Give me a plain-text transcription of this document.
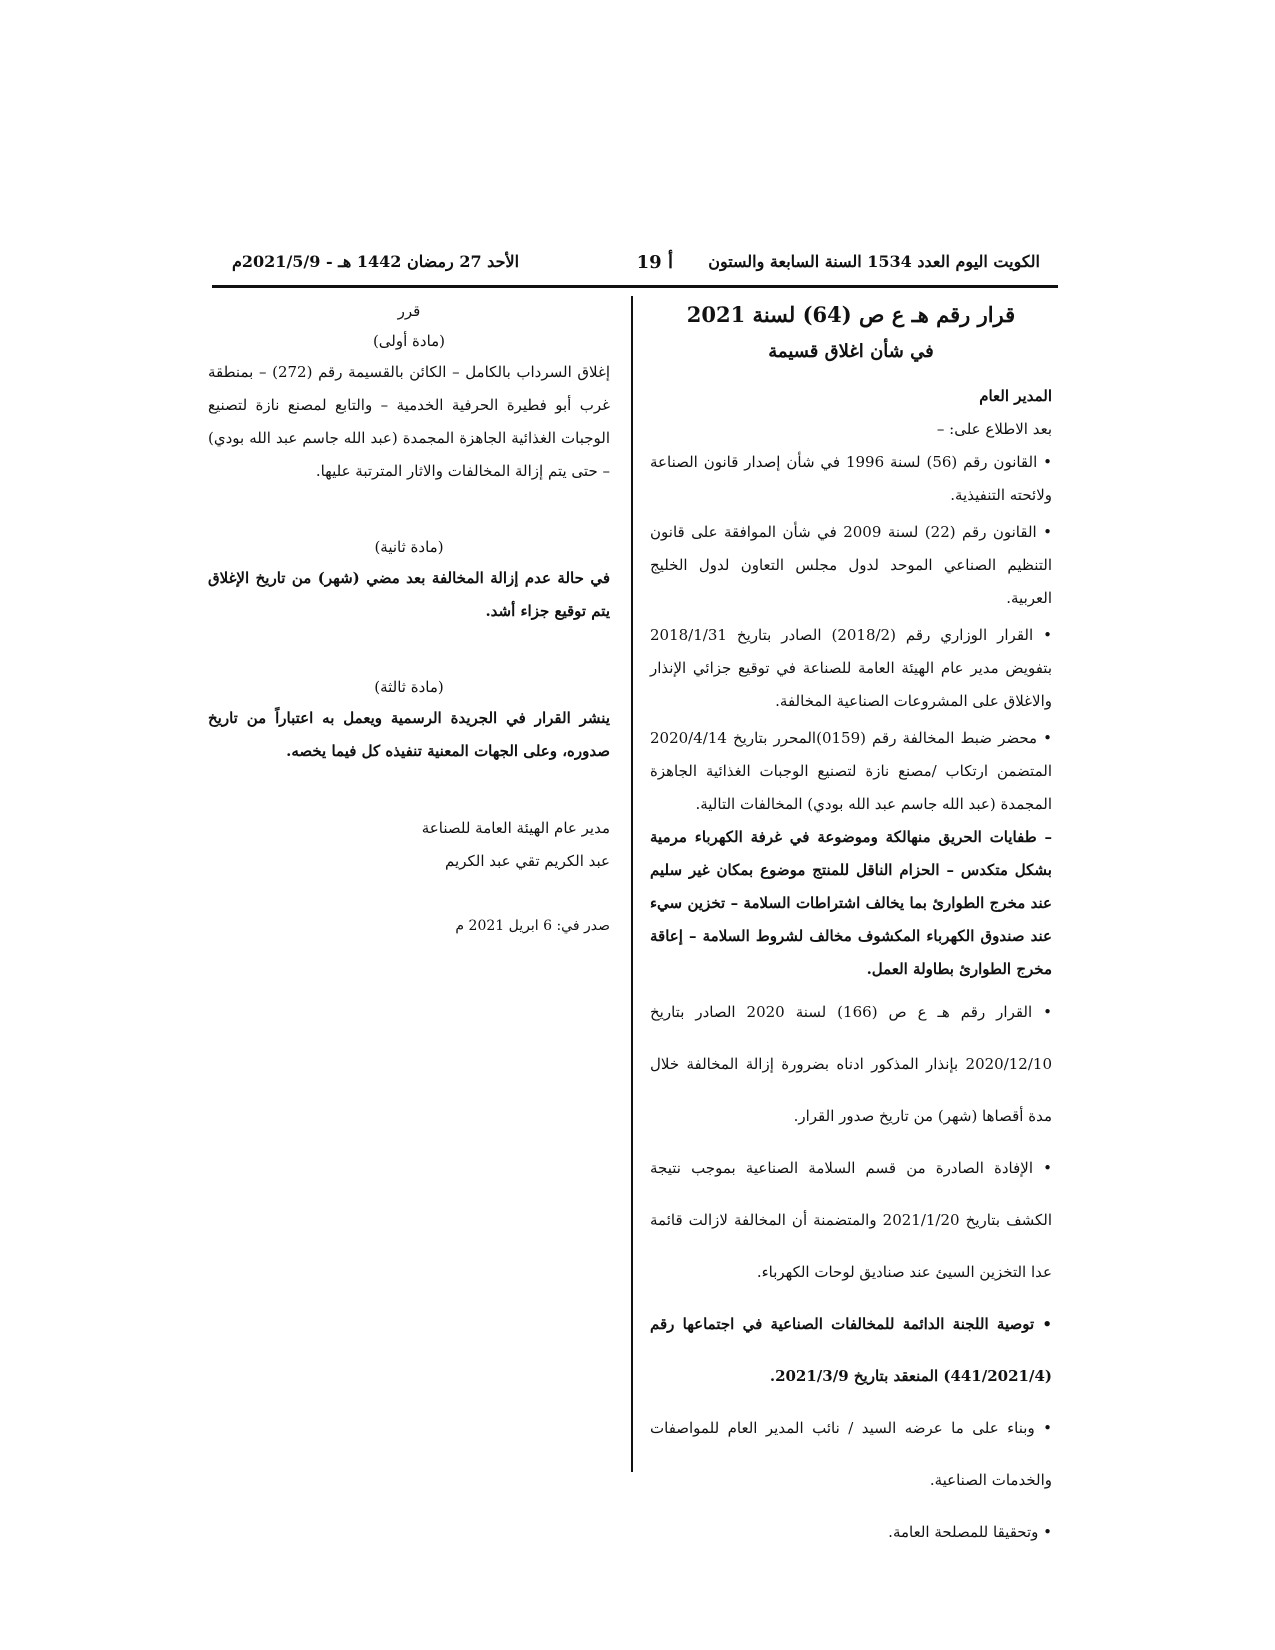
الكويت اليوم العدد 1534 السنة السابعة والستون
أ 19
الأحد 27 رمضان 1442 هـ - 2021/5/9م
قرار رقم هـ ع ص (64) لسنة 2021
في شأن اغلاق قسيمة
المدير العام
بعد الاطلاع على: –

• القانون رقم (56) لسنة 1996 في شأن إصدار قانون الصناعة ولائحته التنفيذية.

• القانون رقم (22) لسنة 2009 في شأن الموافقة على قانون التنظيم الصناعي الموحد لدول مجلس التعاون لدول الخليج العربية.

• القرار الوزاري رقم (2018/2) الصادر بتاريخ 2018/1/31 بتفويض مدير عام الهيئة العامة للصناعة في توقيع جزائي الإنذار والاغلاق على المشروعات الصناعية المخالفة.

• محضر ضبط المخالفة رقم (0159)المحرر بتاريخ 2020/4/14 المتضمن ارتكاب /مصنع نازة لتصنيع الوجبات الغذائية الجاهزة المجمدة (عبد الله جاسم عبد الله بودي) المخالفات التالية.

– طفايات الحريق منهالكة وموضوعة في غرفة الكهرباء مرمية بشكل متكدس – الحزام الناقل للمنتج موضوع بمكان غير سليم عند مخرج الطوارئ بما يخالف اشتراطات السلامة – تخزين سيء عند صندوق الكهرباء المكشوف مخالف لشروط السلامة – إعاقة مخرج الطوارئ بطاولة العمل.

• القرار رقم هـ ع ص (166) لسنة 2020 الصادر بتاريخ 2020/12/10 بإنذار المذكور ادناه بضرورة إزالة المخالفة خلال مدة أقصاها (شهر) من تاريخ صدور القرار.

• الإفادة الصادرة من قسم السلامة الصناعية بموجب نتيجة الكشف بتاريخ 2021/1/20 والمتضمنة أن المخالفة لازالت قائمة عدا التخزين السيئ عند صناديق لوحات الكهرباء.

• توصية اللجنة الدائمة للمخالفات الصناعية في اجتماعها رقم (441/2021/4) المنعقد بتاريخ 2021/3/9.

• وبناء على ما عرضه السيد / نائب المدير العام للمواصفات والخدمات الصناعية.

• وتحقيقا للمصلحة العامة.

قرر
(مادة أولى)

إغلاق السرداب بالكامل – الكائن بالقسيمة رقم (272) – بمنطقة غرب أبو فطيرة الحرفية الخدمية – والتابع لمصنع نازة لتصنيع الوجبات الغذائية الجاهزة المجمدة (عبد الله جاسم عبد الله بودي) – حتى يتم إزالة المخالفات والاثار المترتبة عليها.

(مادة ثانية)

في حالة عدم إزالة المخالفة بعد مضي (شهر) من تاريخ الإغلاق يتم توقيع جزاء أشد.

(مادة ثالثة)

ينشر القرار في الجريدة الرسمية ويعمل به اعتباراً من تاريخ صدوره، وعلى الجهات المعنية تنفيذه كل فيما يخصه.

مدير عام الهيئة العامة للصناعة
عبد الكريم تقي عبد الكريم
صدر في: 6 ابريل 2021 م
